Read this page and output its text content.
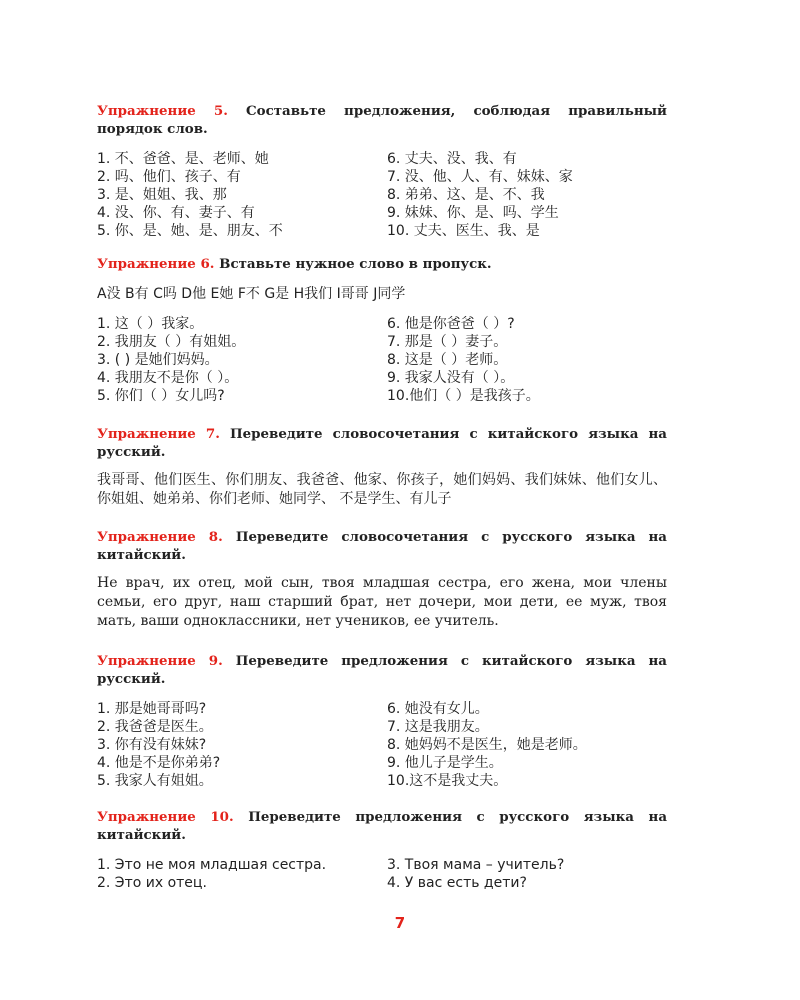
Упражнение 5. Составьте предложения, соблюдая правильный порядок слов.

1. 不、爸爸、是、老师、她
2. 吗、他们、孩子、有
3. 是、姐姐、我、那
4. 没、你、有、妻子、有
5. 你、是、她、是、朋友、不
6. 丈夫、没、我、有
7. 没、他、人、有、妹妹、家
8. 弟弟、这、是、不、我
9. 妹妹、你、是、吗、学生
10. 丈夫、医生、我、是

Упражнение 6. Вставьте нужное слово в пропуск.

A没 B有 C吗 D他 E她 F不 G是 H我们 I哥哥 J同学
1. 这（ ）我家。
2. 我朋友（ ）有姐姐。
3. ( ) 是她们妈妈。
4. 我朋友不是你（ ）。
5. 你们（ ）女儿吗?
6. 他是你爸爸（ ）?
7. 那是（ ）妻子。
8. 这是（ ）老师。
9. 我家人没有（ ）。
10.他们（ ）是我孩子。

Упражнение 7. Переведите словосочетания с китайского языка на русский.

我哥哥、他们医生、你们朋友、我爸爸、他家、你孩子，她们妈妈、我们妹妹、他们女儿、你姐姐、她弟弟、你们老师、她同学、 不是学生、有儿子

Упражнение 8. Переведите словосочетания с русского языка на китайский.

Не врач, их отец, мой сын, твоя младшая сестра, его жена, мои члены семьи, его друг, наш старший брат, нет дочери, мои дети, ее муж, твоя мать, ваши одноклассники, нет учеников, ее учитель.

Упражнение 9. Переведите предложения с китайского языка на русский.

1. 那是她哥哥吗?
2. 我爸爸是医生。
3. 你有没有妹妹?
4. 他是不是你弟弟?
5. 我家人有姐姐。
6. 她没有女儿。
7. 这是我朋友。
8. 她妈妈不是医生，她是老师。
9. 他儿子是学生。
10.这不是我丈夫。

Упражнение 10. Переведите предложения с русского языка на китайский.

1. Это не моя младшая сестра.
2. Это их отец.
3. Твоя мама – учитель?
4. У вас есть дети?
7
